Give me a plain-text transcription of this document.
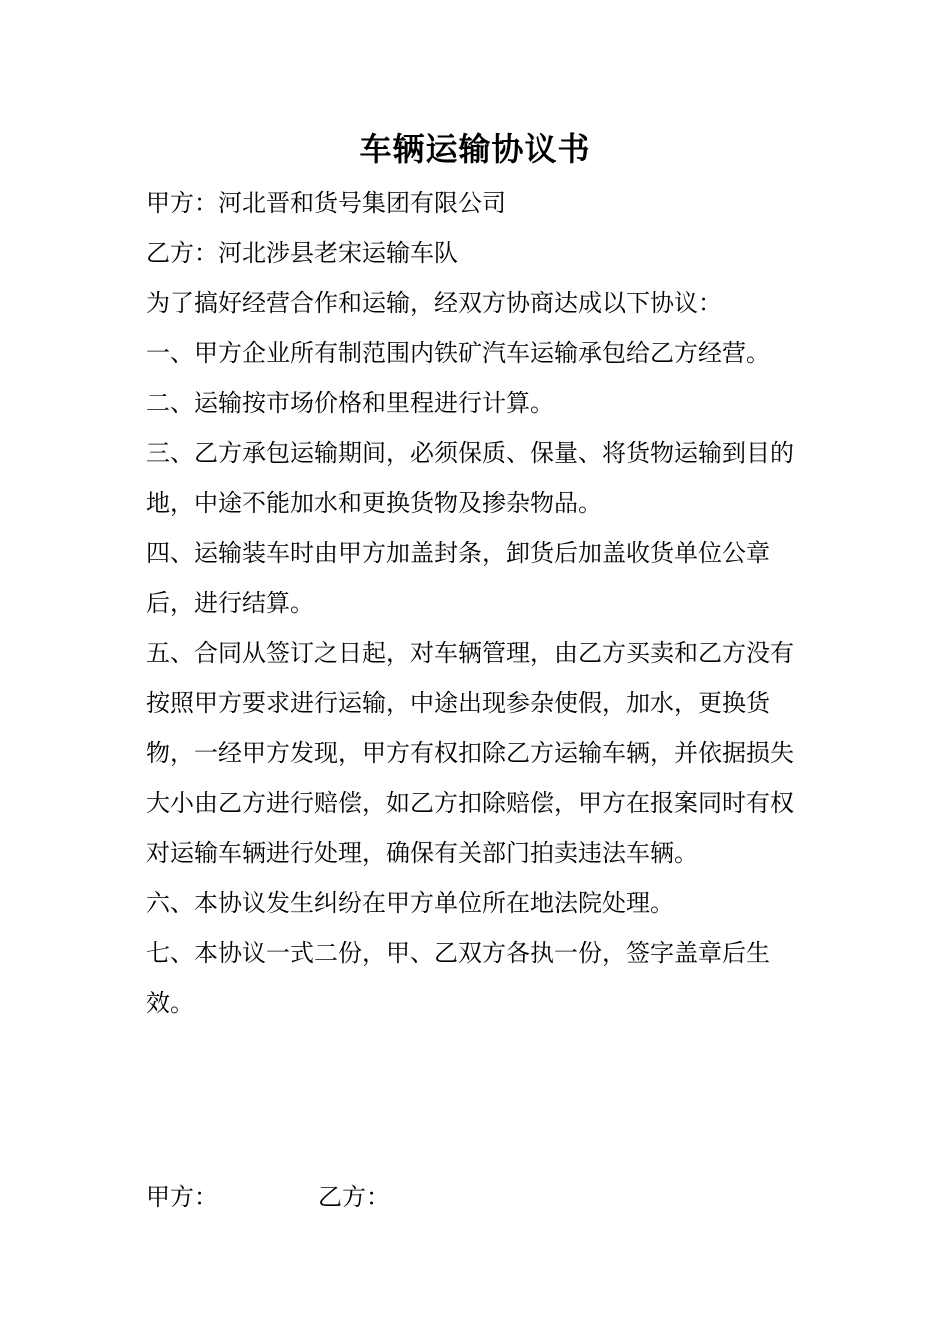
车辆运输协议书

甲方：河北晋和货号集团有限公司

乙方：河北涉县老宋运输车队

为了搞好经营合作和运输，经双方协商达成以下协议：

一、甲方企业所有制范围内铁矿汽车运输承包给乙方经营。

二、运输按市场价格和里程进行计算。

三、乙方承包运输期间，必须保质、保量、将货物运输到目的地，中途不能加水和更换货物及掺杂物品。

四、运输装车时由甲方加盖封条，卸货后加盖收货单位公章后，进行结算。

五、合同从签订之日起，对车辆管理，由乙方买卖和乙方没有按照甲方要求进行运输，中途出现参杂使假，加水，更换货物，一经甲方发现，甲方有权扣除乙方运输车辆，并依据损失大小由乙方进行赔偿，如乙方扣除赔偿，甲方在报案同时有权对运输车辆进行处理，确保有关部门拍卖违法车辆。

六、本协议发生纠纷在甲方单位所在地法院处理。

七、本协议一式二份，甲、乙双方各执一份，签字盖章后生效。

甲方：	乙方：
